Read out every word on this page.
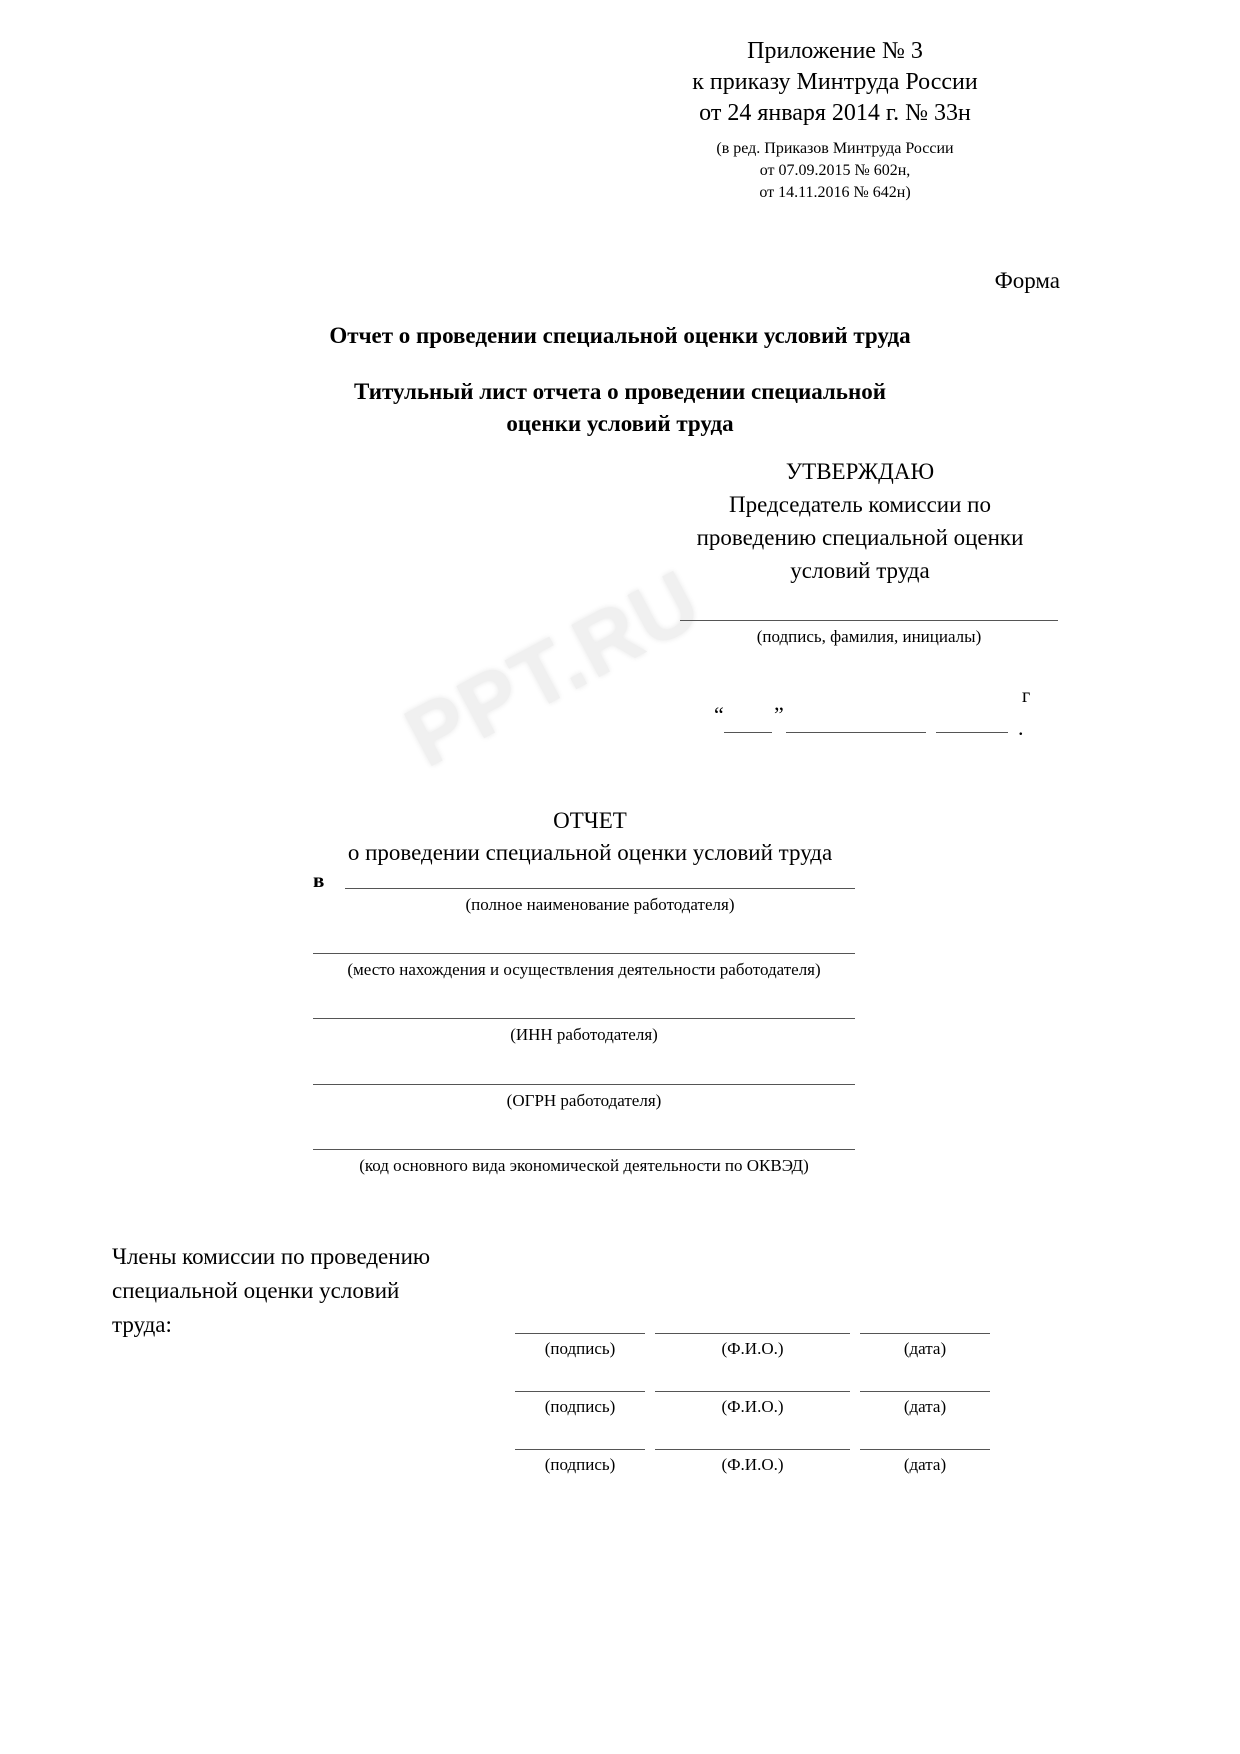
PPT.RU
Приложение № 3
к приказу Минтруда России
от 24 января 2014 г. № 33н
(в ред. Приказов Минтруда России
от 07.09.2015 № 602н,
от 14.11.2016 № 642н)
Форма
Отчет о проведении специальной оценки условий труда
Титульный лист отчета о проведении специальной
оценки условий труда
УТВЕРЖДАЮ
Председатель комиссии по
проведению специальной оценки
условий труда
(подпись, фамилия, инициалы)
“ ”
г
.
ОТЧЕТ
о проведении специальной оценки условий труда
в
(полное наименование работодателя)
(место нахождения и осуществления деятельности работодателя)
(ИНН работодателя)
(ОГРН работодателя)
(код основного вида экономической деятельности по ОКВЭД)
Члены комиссии по проведению
специальной оценки условий
труда:
(подпись)	(Ф.И.О.)	(дата)
(подпись)	(Ф.И.О.)	(дата)
(подпись)	(Ф.И.О.)	(дата)
